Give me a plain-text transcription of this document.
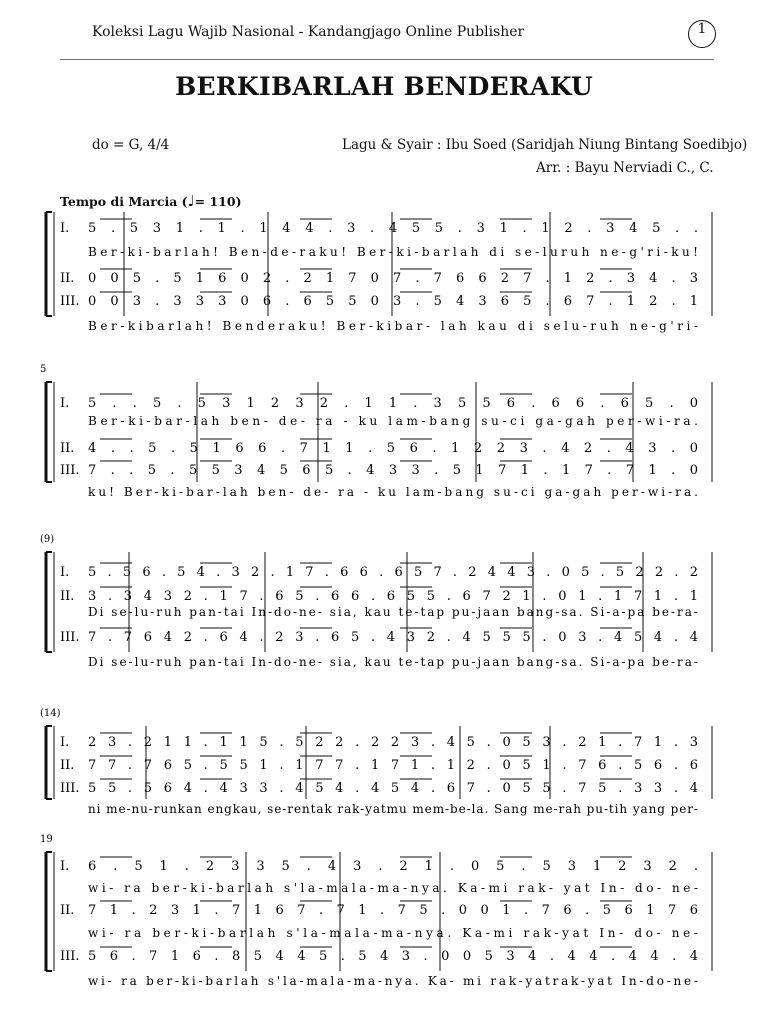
Koleksi Lagu Wajib Nasional - Kandangjago Online Publisher	1
BERKIBARLAH BENDERAKU
do = G, 4/4	Lagu & Syair : Ibu Soed (Saridjah Niung Bintang Soedibjo)
Arr. : Bayu Nerviadi C., C.
Tempo di Marcia (♩= 110)
I. 5 . 5 3 1 . 1 . 1 4 4 . 3 . 4 5 5 . 3 1 . 1 2 . 3 4 5 . .
Ber-ki-barlah! Ben-de-raku! Ber-ki-barlah di se-luruh ne-g'ri-ku!
II. 0 0 5 . 5 1 6 0 2 . 2 1 7 0 7 . 7 6 6 2 7 . 1 2 . 3 4 . 3
III. 0 0 3 . 3 3 3 0 6 . 6 5 5 0 3 . 5 4 3 6 5 . 6 7 . 1 2 . 1
Ber-kibarlah! Benderaku! Ber-kibar- lah kau di selu-ruh ne-g'ri-
5
I. 5 . . 5 . 5 3 1 2 3 2 . 1 1 . 3 5 5 6 . 6 6 . 6 5 . 0
Ber-ki-bar-lah ben- de- ra - ku lam-bang su-ci ga-gah per-wi-ra.
II. 4 . . 5 . 5 1 6 6 . 7 1 1 . 5 6 . 1 2 2 3 . 4 2 . 4 3 . 0
III. 7 . . 5 . 5 5 3 4 5 6 5 . 4 3 3 . 5 1 7 1 . 1 7 . 7 1 . 0
ku! Ber-ki-bar-lah ben- de- ra - ku lam-bang su-ci ga-gah per-wi-ra.
(9)
I. 5 . 5 6 . 5 4 . 3 2 . 1 7 . 6 6 . 6 5 7 . 2 4 4 3 . 0 5 . 5 2 2 . 2
II. 3 . 3 4 3 2 . 1 7 . 6 5 . 6 6 . 6 5 5 . 6 7 2 1 . 0 1 . 1 7 1 . 1
Di se-lu-ruh pan-tai In-do-ne- sia, kau te-tap pu-jaan bang-sa. Si-a-pa be-ra-
III. 7 . 7 6 4 2 . 6 4 . 2 3 . 6 5 . 4 3 2 . 4 5 5 5 . 0 3 . 4 5 4 . 4
Di se-lu-ruh pan-tai In-do-ne- sia, kau te-tap pu-jaan bang-sa. Si-a-pa be-ra-
(14)
I. 2 3 . 2 1 1 . 1 1 5 . 5 2 2 . 2 2 3 . 4 5 . 0 5 3 . 2 1 . 7 1 . 3
II. 7 7 . 7 6 5 . 5 5 1 . 1 7 7 . 1 7 1 . 1 2 . 0 5 1 . 7 6 . 5 6 . 6
III. 5 5 . 5 6 4 . 4 3 3 . 4 5 4 . 4 5 4 . 6 7 . 0 5 5 . 7 5 . 3 3 . 4
ni me-nu-runkan engkau, se-rentak rak-yatmu mem-be-la. Sang me-rah pu-tih yang per-
19
I. 6 . 5 1 . 2 3 3 5 . 4 3 . 2 1 . 0 5 . 5 3 1 2 3 2 .
wi- ra ber-ki-barlah s'la-mala-ma-nya. Ka-mi rak- yat In- do- ne-
II. 7 1 . 2 3 1 . 7 1 6 7 . 7 1 . 7 5 . 0 0 1 . 7 6 . 5 6 1 7 6
wi- ra ber-ki-barlah s'la-mala-ma-nya. Ka-mi rak-yat In- do- ne-
III. 5 6 . 7 1 6 . 8 5 4 4 5 . 5 4 3 . 0 0 5 3 4 . 4 4 . 4 4 . 4
wi- ra ber-ki-barlah s'la-mala-ma-nya. Ka- mi rak-yatrak-yat In-do-ne-
